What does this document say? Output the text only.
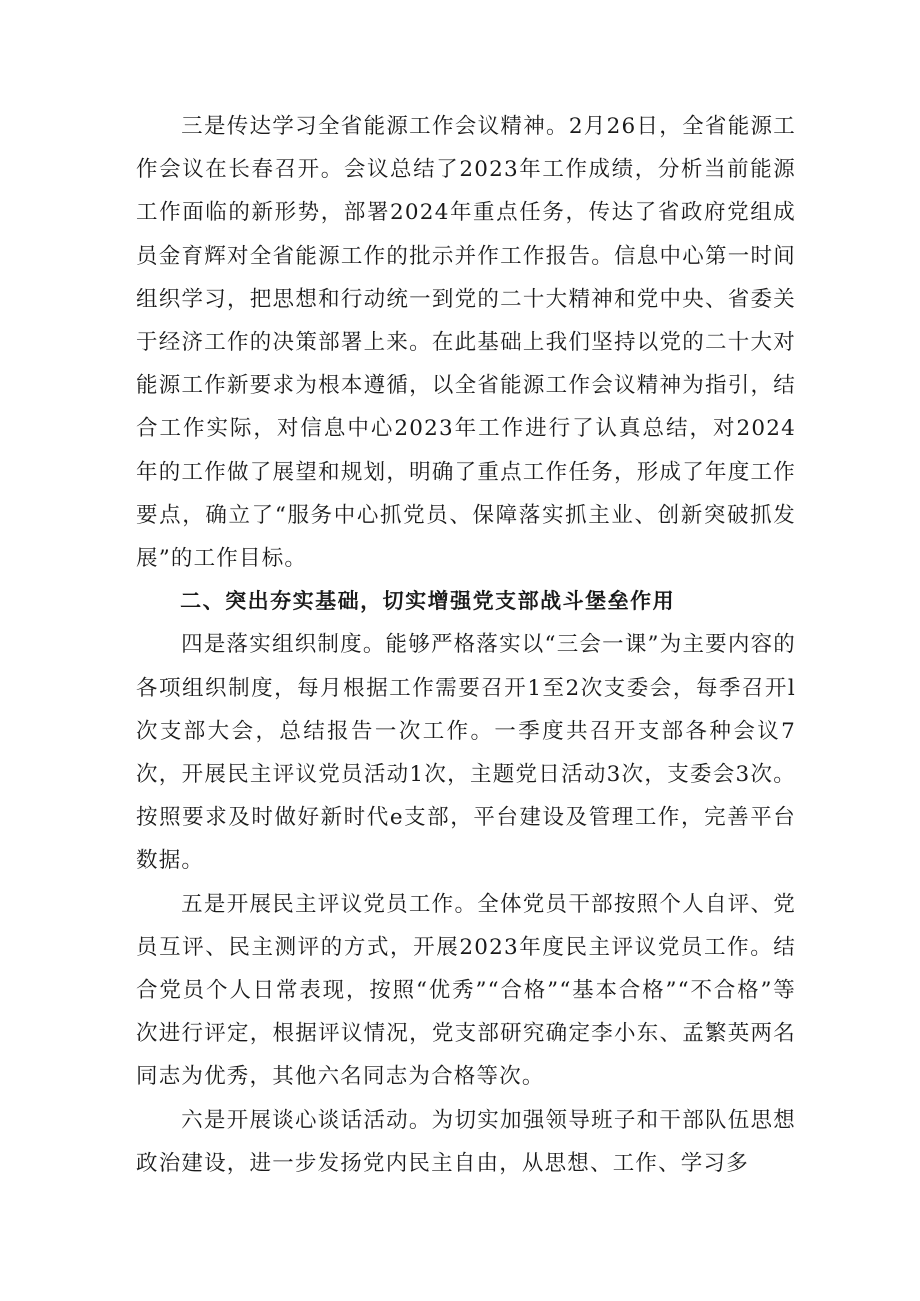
三是传达学习全省能源工作会议精神。2月26日，全省能源工作会议在长春召开。会议总结了2023年工作成绩，分析当前能源工作面临的新形势，部署2024年重点任务，传达了省政府党组成员金育辉对全省能源工作的批示并作工作报告。信息中心第一时间组织学习，把思想和行动统一到党的二十大精神和党中央、省委关于经济工作的决策部署上来。在此基础上我们坚持以党的二十大对能源工作新要求为根本遵循，以全省能源工作会议精神为指引，结合工作实际，对信息中心2023年工作进行了认真总结，对2024年的工作做了展望和规划，明确了重点工作任务，形成了年度工作要点，确立了“服务中心抓党员、保障落实抓主业、创新突破抓发展”的工作目标。

二、突出夯实基础，切实增强党支部战斗堡垒作用

四是落实组织制度。能够严格落实以“三会一课”为主要内容的各项组织制度，每月根据工作需要召开1至2次支委会，每季召开l次支部大会，总结报告一次工作。一季度共召开支部各种会议7次，开展民主评议党员活动1次，主题党日活动3次，支委会3次。按照要求及时做好新时代e支部，平台建设及管理工作，完善平台数据。

五是开展民主评议党员工作。全体党员干部按照个人自评、党员互评、民主测评的方式，开展2023年度民主评议党员工作。结合党员个人日常表现，按照“优秀”“合格”“基本合格”“不合格”等次进行评定，根据评议情况，党支部研究确定李小东、孟繁英两名同志为优秀，其他六名同志为合格等次。

六是开展谈心谈话活动。为切实加强领导班子和干部队伍思想政治建设，进一步发扬党内民主自由，从思想、工作、学习多
